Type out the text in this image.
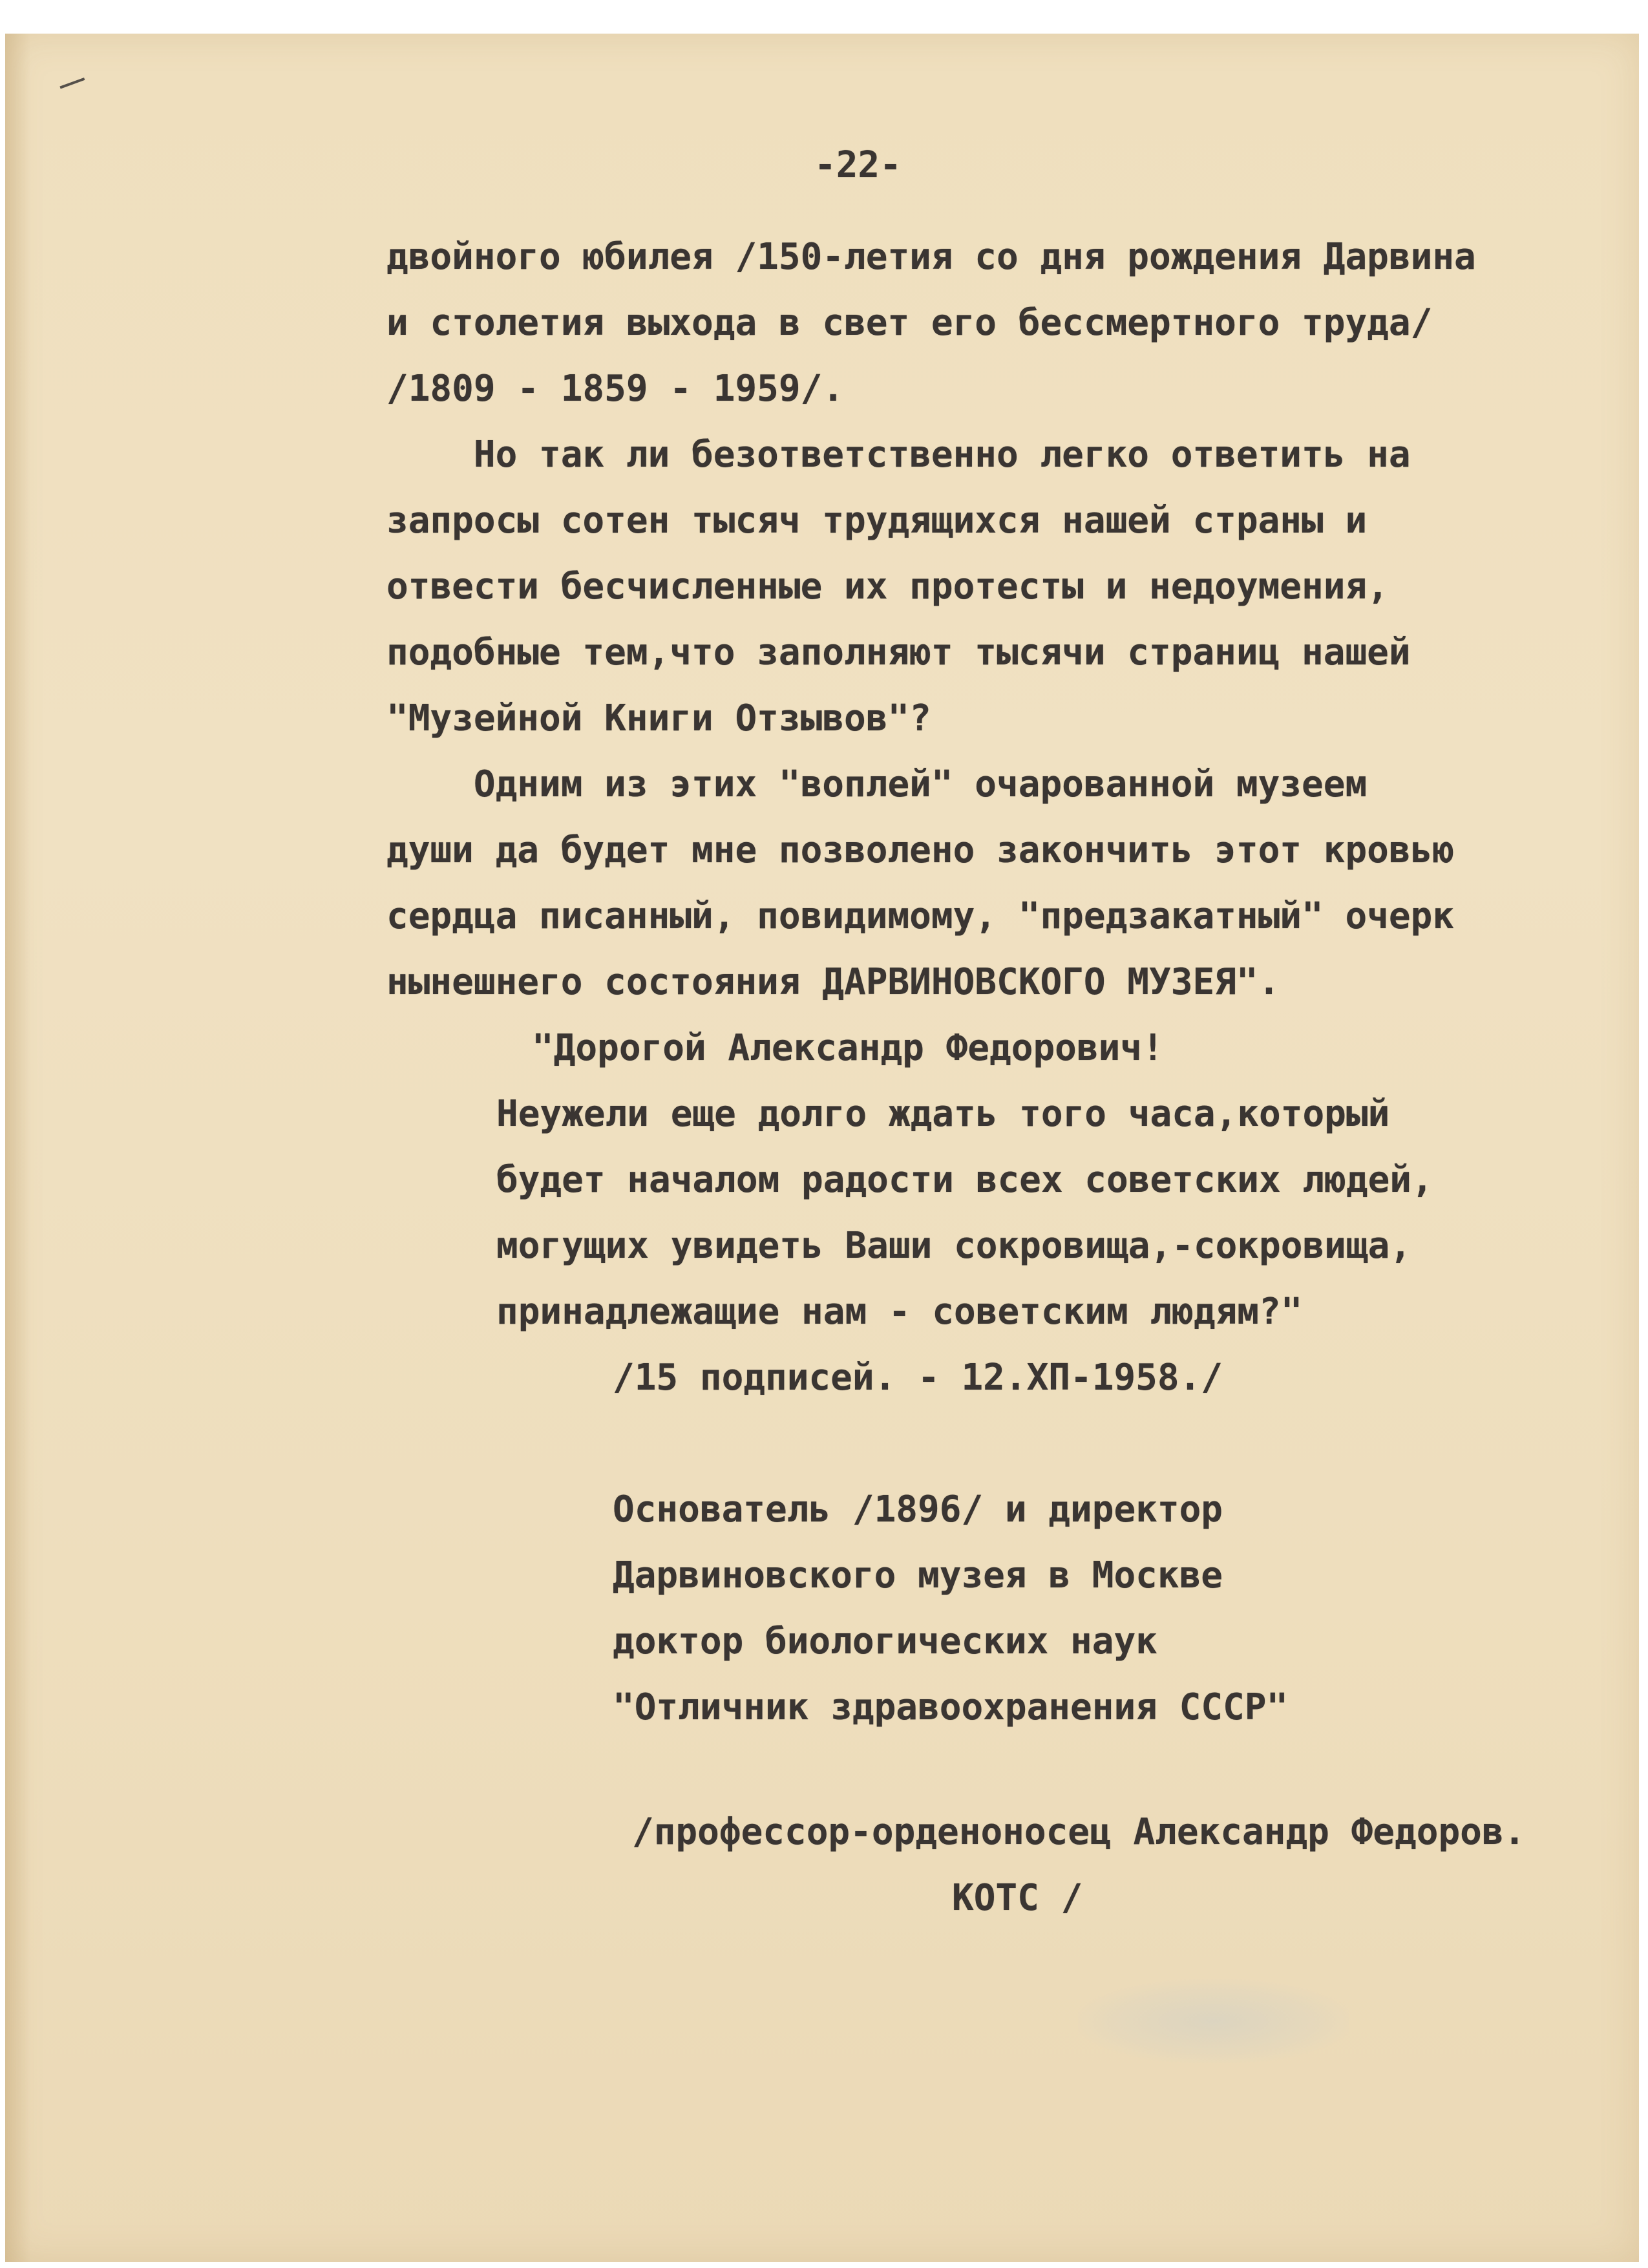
-22-

двойного юбилея /150-летия со дня рождения Дарвина

и столетия выхода в свет его бессмертного труда/

/1809 - 1859 - 1959/.

Но так ли безответственно легко ответить на

запросы сотен тысяч трудящихся нашей страны и

отвести бесчисленные их протесты и недоумения,

подобные тем,что заполняют тысячи страниц нашей

"Музейной Книги Отзывов"?

Одним из этих "воплей" очарованной музеем

души да будет мне позволено закончить этот кровью

сердца писанный, повидимому, "предзакатный" очерк

нынешнего состояния ДАРВИНОВСКОГО МУЗЕЯ".

"Дорогой Александр Федорович!

Неужели еще долго ждать того часа,который

будет началом радости всех советских людей,

могущих увидеть Ваши сокровища,-сокровища,

принадлежащие нам - советским людям?"

/15 подписей. - 12.ХП-1958./

Основатель /1896/ и директор

Дарвиновского музея в Москве

доктор биологических наук

"Отличник здравоохранения СССР"

/профессор-орденоносец Александр Федоров.

КОТС /
